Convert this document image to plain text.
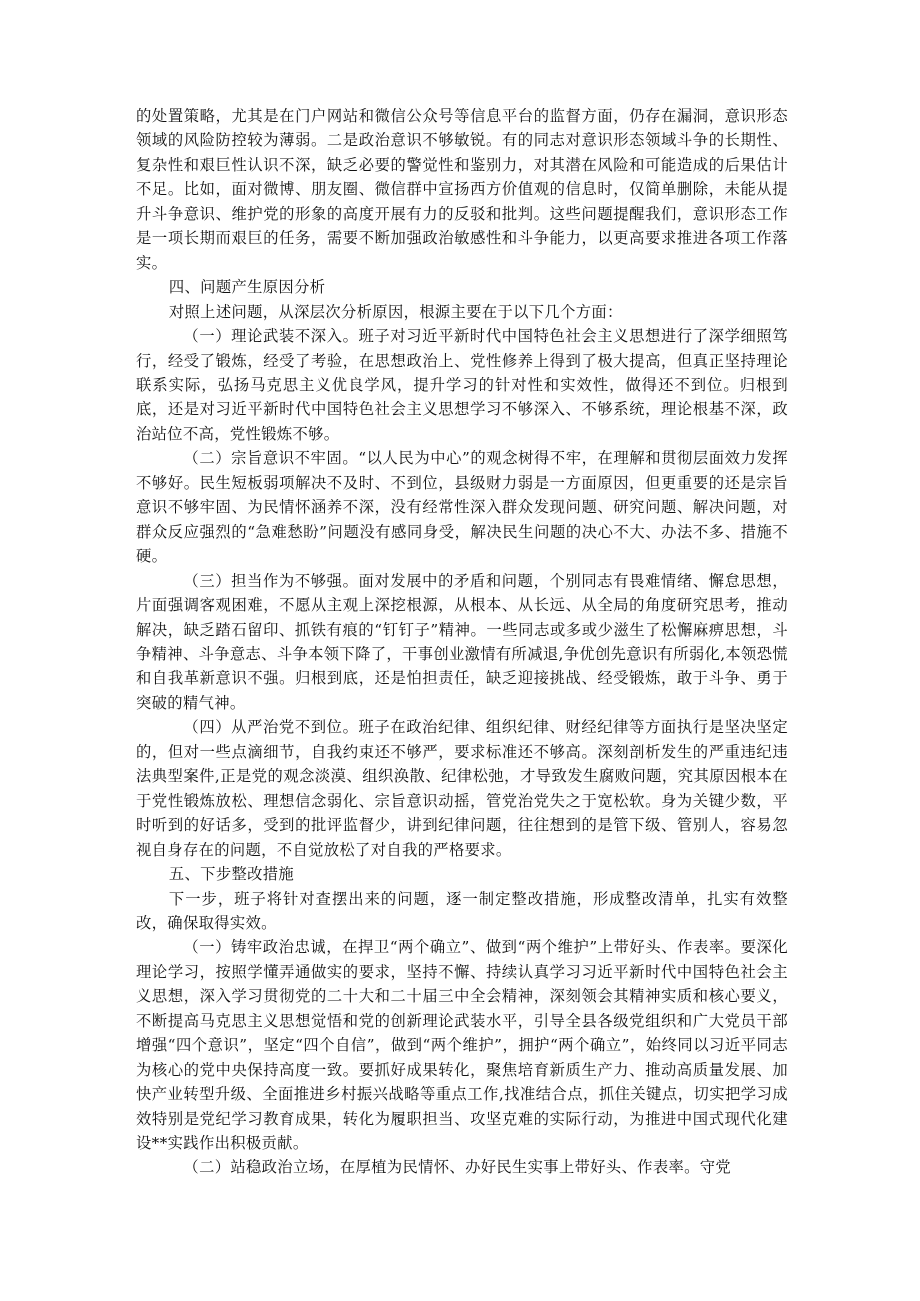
的处置策略，尤其是在门户网站和微信公众号等信息平台的监督方面，仍存在漏洞，意识形态领域的风险防控较为薄弱。二是政治意识不够敏锐。有的同志对意识形态领域斗争的长期性、复杂性和艰巨性认识不深，缺乏必要的警觉性和鉴别力，对其潜在风险和可能造成的后果估计不足。比如，面对微博、朋友圈、微信群中宣扬西方价值观的信息时，仅简单删除，未能从提升斗争意识、维护党的形象的高度开展有力的反驳和批判。这些问题提醒我们，意识形态工作是一项长期而艰巨的任务，需要不断加强政治敏感性和斗争能力，以更高要求推进各项工作落实。

四、问题产生原因分析

对照上述问题，从深层次分析原因，根源主要在于以下几个方面：

（一）理论武装不深入。班子对习近平新时代中国特色社会主义思想进行了深学细照笃行，经受了锻炼，经受了考验，在思想政治上、党性修养上得到了极大提高，但真正坚持理论联系实际，弘扬马克思主义优良学风，提升学习的针对性和实效性，做得还不到位。归根到底，还是对习近平新时代中国特色社会主义思想学习不够深入、不够系统，理论根基不深，政治站位不高，党性锻炼不够。

（二）宗旨意识不牢固。“以人民为中心”的观念树得不牢，在理解和贯彻层面效力发挥不够好。民生短板弱项解决不及时、不到位，县级财力弱是一方面原因，但更重要的还是宗旨意识不够牢固、为民情怀涵养不深，没有经常性深入群众发现问题、研究问题、解决问题，对群众反应强烈的“急难愁盼”问题没有感同身受，解决民生问题的决心不大、办法不多、措施不硬。

（三）担当作为不够强。面对发展中的矛盾和问题，个别同志有畏难情绪、懈怠思想，片面强调客观困难，不愿从主观上深挖根源，从根本、从长远、从全局的角度研究思考，推动解决，缺乏踏石留印、抓铁有痕的“钉钉子”精神。一些同志或多或少滋生了松懈麻痹思想，斗争精神、斗争意志、斗争本领下降了，干事创业激情有所减退,争优创先意识有所弱化,本领恐慌和自我革新意识不强。归根到底，还是怕担责任，缺乏迎接挑战、经受锻炼，敢于斗争、勇于突破的精气神。

（四）从严治党不到位。班子在政治纪律、组织纪律、财经纪律等方面执行是坚决坚定的，但对一些点滴细节，自我约束还不够严，要求标准还不够高。深刻剖析发生的严重违纪违法典型案件,正是党的观念淡漠、组织涣散、纪律松弛，才导致发生腐败问题，究其原因根本在于党性锻炼放松、理想信念弱化、宗旨意识动摇，管党治党失之于宽松软。身为关键少数，平时听到的好话多，受到的批评监督少，讲到纪律问题，往往想到的是管下级、管别人，容易忽视自身存在的问题，不自觉放松了对自我的严格要求。

五、下步整改措施

下一步，班子将针对查摆出来的问题，逐一制定整改措施，形成整改清单，扎实有效整改，确保取得实效。

（一）铸牢政治忠诚，在捍卫“两个确立”、做到“两个维护”上带好头、作表率。要深化理论学习，按照学懂弄通做实的要求，坚持不懈、持续认真学习习近平新时代中国特色社会主义思想，深入学习贯彻党的二十大和二十届三中全会精神，深刻领会其精神实质和核心要义，不断提高马克思主义思想觉悟和党的创新理论武装水平，引导全县各级党组织和广大党员干部增强“四个意识”，坚定“四个自信”，做到“两个维护”，拥护“两个确立”，始终同以习近平同志为核心的党中央保持高度一致。要抓好成果转化，聚焦培育新质生产力、推动高质量发展、加快产业转型升级、全面推进乡村振兴战略等重点工作,找准结合点，抓住关键点，切实把学习成效特别是党纪学习教育成果，转化为履职担当、攻坚克难的实际行动，为推进中国式现代化建设**实践作出积极贡献。

（二）站稳政治立场，在厚植为民情怀、办好民生实事上带好头、作表率。守党
